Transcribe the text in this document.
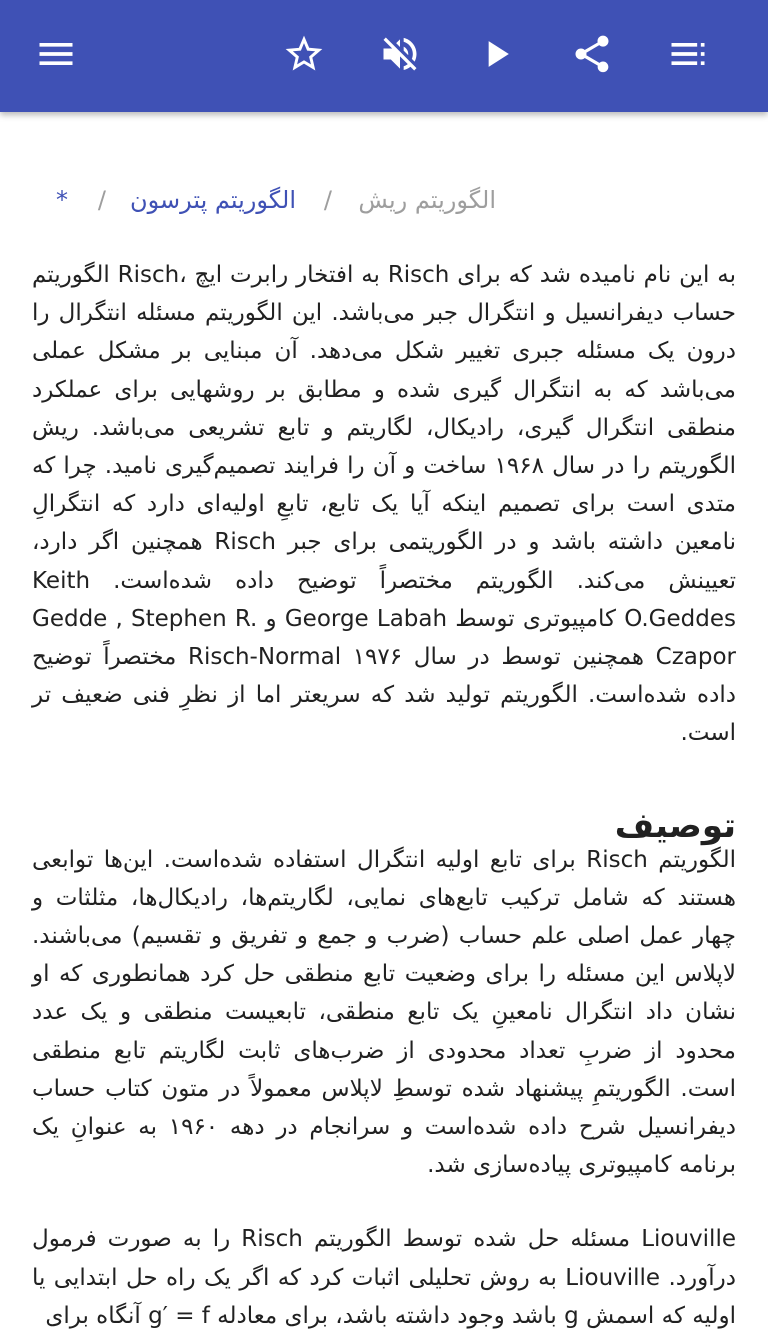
الگوریتم ریش
/
الگوریتم پترسون
/
*

به این نام نامیده شد که برای Risch به افتخار رابرت ایچ ،Risch الگوریتم حساب دیفرانسیل و انتگرال جبر می‌باشد. این الگوریتم مسئله انتگرال را درون یک مسئله جبری تغییر شکل می‌دهد. آن مبنایی بر مشکل عملی می‌باشد که به انتگرال گیری شده و مطابق بر روشهایی برای عملکرد منطقی انتگرال گیری، رادیکال، لگاریتم و تابع تشریعی می‌باشد. ریش الگوریتم را در سال ۱۹۶۸ ساخت و آن را فرایند تصمیم‌گیری نامید. چرا که متدی است برای تصمیم اینکه آیا یک تابع، تابعِ اولیه‌ای دارد که انتگرالِ نامعین داشته باشد و در الگوریتمی برای جبر Risch همچنین اگر دارد، تعیینش می‌کند. الگوریتم مختصراً توضیح داده شده‌است. Keith O.Geddes کامپیوتری توسط George Labah و Gedde , Stephen R. Czapor همچنین توسط در سال ۱۹۷۶ Risch-Normal مختصراً توضیح داده شده‌است. الگوریتم تولید شد که سریعتر اما از نظرِ فنی ضعیف تر است.

توصیف

الگوریتم Risch برای تابع اولیه انتگرال استفاده شده‌است. این‌ها توابعی هستند که شامل ترکیب تابع‌های نمایی، لگاریتم‌ها، رادیکال‌ها، مثلثات و چهار عمل اصلی علم حساب (ضرب و جمع و تفریق و تقسیم) می‌باشند. لاپلاس این مسئله را برای وضعیت تابع منطقی حل کرد همانطوری که او نشان داد انتگرال نامعینِ یک تابع منطقی، تابعیست منطقی و یک عدد محدود از ضربِ تعداد محدودی از ضرب‌های ثابت لگاریتم تابع منطقی است. الگوریتمِ پیشنهاد شده توسطِ لاپلاس معمولاً در متون کتاب حساب دیفرانسیل شرح داده شده‌است و سرانجام در دهه ۱۹۶۰ به عنوانِ یک برنامه کامپیوتری پیاده‌سازی شد.

Liouville مسئله حل شده توسط الگوریتم Risch را به صورت فرمول درآورد. Liouville به روش تحلیلی اثبات کرد که اگر یک راه حل ابتدایی یا اولیه که اسمش g باشد وجود داشته باشد، برای معادله g′ = f آنگاه برای
